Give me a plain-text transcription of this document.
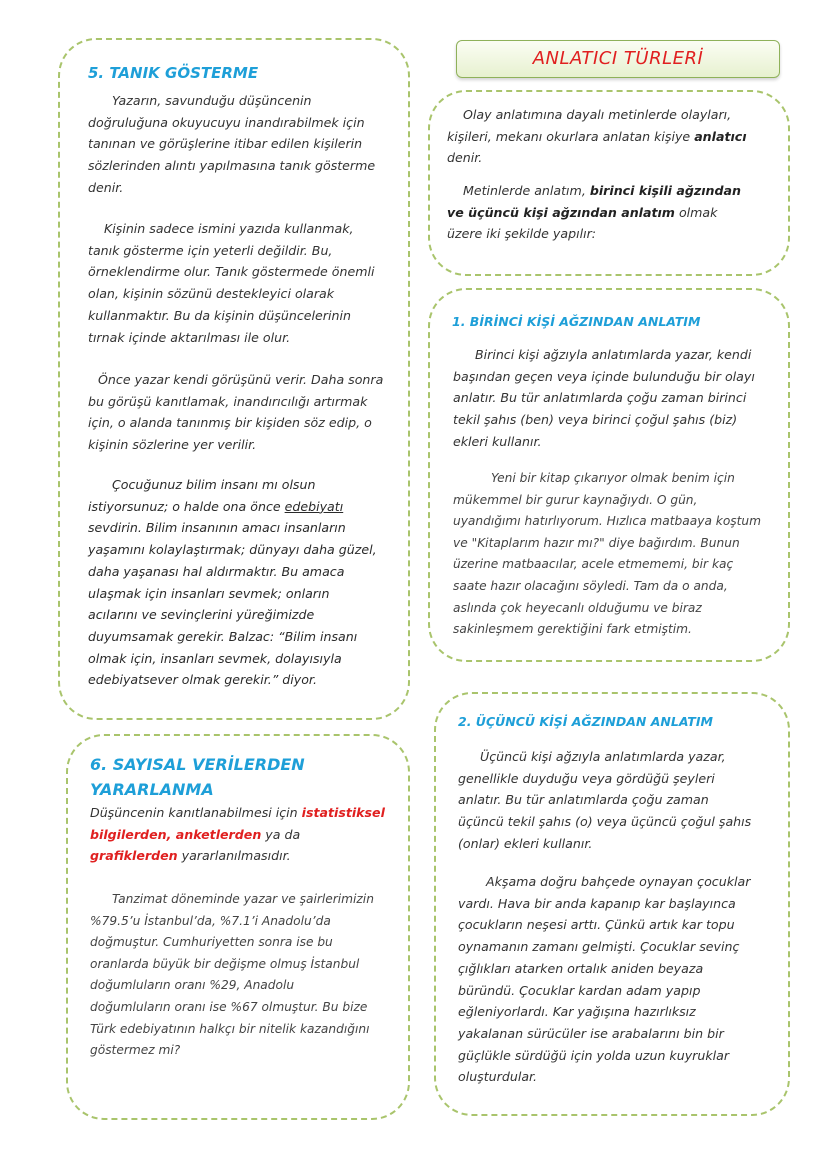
5. TANIK GÖSTERME

Yazarın, savunduğu düşüncenin doğruluğuna okuyucuyu inandırabilmek için tanınan ve görüşlerine itibar edilen kişilerin sözlerinden alıntı yapılmasına tanık gösterme denir.

Kişinin sadece ismini yazıda kullanmak, tanık gösterme için yeterli değildir. Bu, örneklendirme olur. Tanık göstermede önemli olan, kişinin sözünü destekleyici olarak kullanmaktır. Bu da kişinin düşüncelerinin tırnak içinde aktarılması ile olur.

Önce yazar kendi görüşünü verir. Daha sonra bu görüşü kanıtlamak, inandırıcılığı artırmak için, o alanda tanınmış bir kişiden söz edip, o kişinin sözlerine yer verilir.

Çocuğunuz bilim insanı mı olsun istiyorsunuz; o halde ona önce edebiyatı sevdirin. Bilim insanının amacı insanların yaşamını kolaylaştırmak; dünyayı daha güzel, daha yaşanası hal aldırmaktır. Bu amaca ulaşmak için insanları sevmek; onların acılarını ve sevinçlerini yüreğimizde duyumsamak gerekir. Balzac: “Bilim insanı olmak için, insanları sevmek, dolayısıyla edebiyatsever olmak gerekir.” diyor.

6. SAYISAL VERİLERDEN YARARLANMA

Düşüncenin kanıtlanabilmesi için istatistiksel bilgilerden, anketlerden ya da grafiklerden yararlanılmasıdır.

Tanzimat döneminde yazar ve şairlerimizin %79.5’u İstanbul’da, %7.1’i Anadolu’da doğmuştur. Cumhuriyetten sonra ise bu oranlarda büyük bir değişme olmuş İstanbul doğumluların oranı %29, Anadolu doğumluların oranı ise %67 olmuştur. Bu bize Türk edebiyatının halkçı bir nitelik kazandığını göstermez mi?

ANLATICI TÜRLERİ

Olay anlatımına dayalı metinlerde olayları, kişileri, mekanı okurlara anlatan kişiye anlatıcı denir.

Metinlerde anlatım, birinci kişili ağzından ve üçüncü kişi ağzından anlatım olmak üzere iki şekilde yapılır:

1. BİRİNCİ KİŞİ AĞZINDAN ANLATIM

Birinci kişi ağzıyla anlatımlarda yazar, kendi başından geçen veya içinde bulunduğu bir olayı anlatır. Bu tür anlatımlarda çoğu zaman birinci tekil şahıs (ben) veya birinci çoğul şahıs (biz) ekleri kullanır.

Yeni bir kitap çıkarıyor olmak benim için mükemmel bir gurur kaynağıydı. O gün, uyandığımı hatırlıyorum. Hızlıca matbaaya koştum ve "Kitaplarım hazır mı?" diye bağırdım. Bunun üzerine matbaacılar, acele etmememi, bir kaç saate hazır olacağını söyledi. Tam da o anda, aslında çok heyecanlı olduğumu ve biraz sakinleşmem gerektiğini fark etmiştim.

2. ÜÇÜNCÜ KİŞİ AĞZINDAN ANLATIM

Üçüncü kişi ağzıyla anlatımlarda yazar, genellikle duyduğu veya gördüğü şeyleri anlatır. Bu tür anlatımlarda çoğu zaman üçüncü tekil şahıs (o) veya üçüncü çoğul şahıs (onlar) ekleri kullanır.

Akşama doğru bahçede oynayan çocuklar vardı. Hava bir anda kapanıp kar başlayınca çocukların neşesi arttı. Çünkü artık kar topu oynamanın zamanı gelmişti. Çocuklar sevinç çığlıkları atarken ortalık aniden beyaza büründü. Çocuklar kardan adam yapıp eğleniyorlardı. Kar yağışına hazırlıksız yakalanan sürücüler ise arabalarını bin bir güçlükle sürdüğü için yolda uzun kuyruklar oluşturdular.
